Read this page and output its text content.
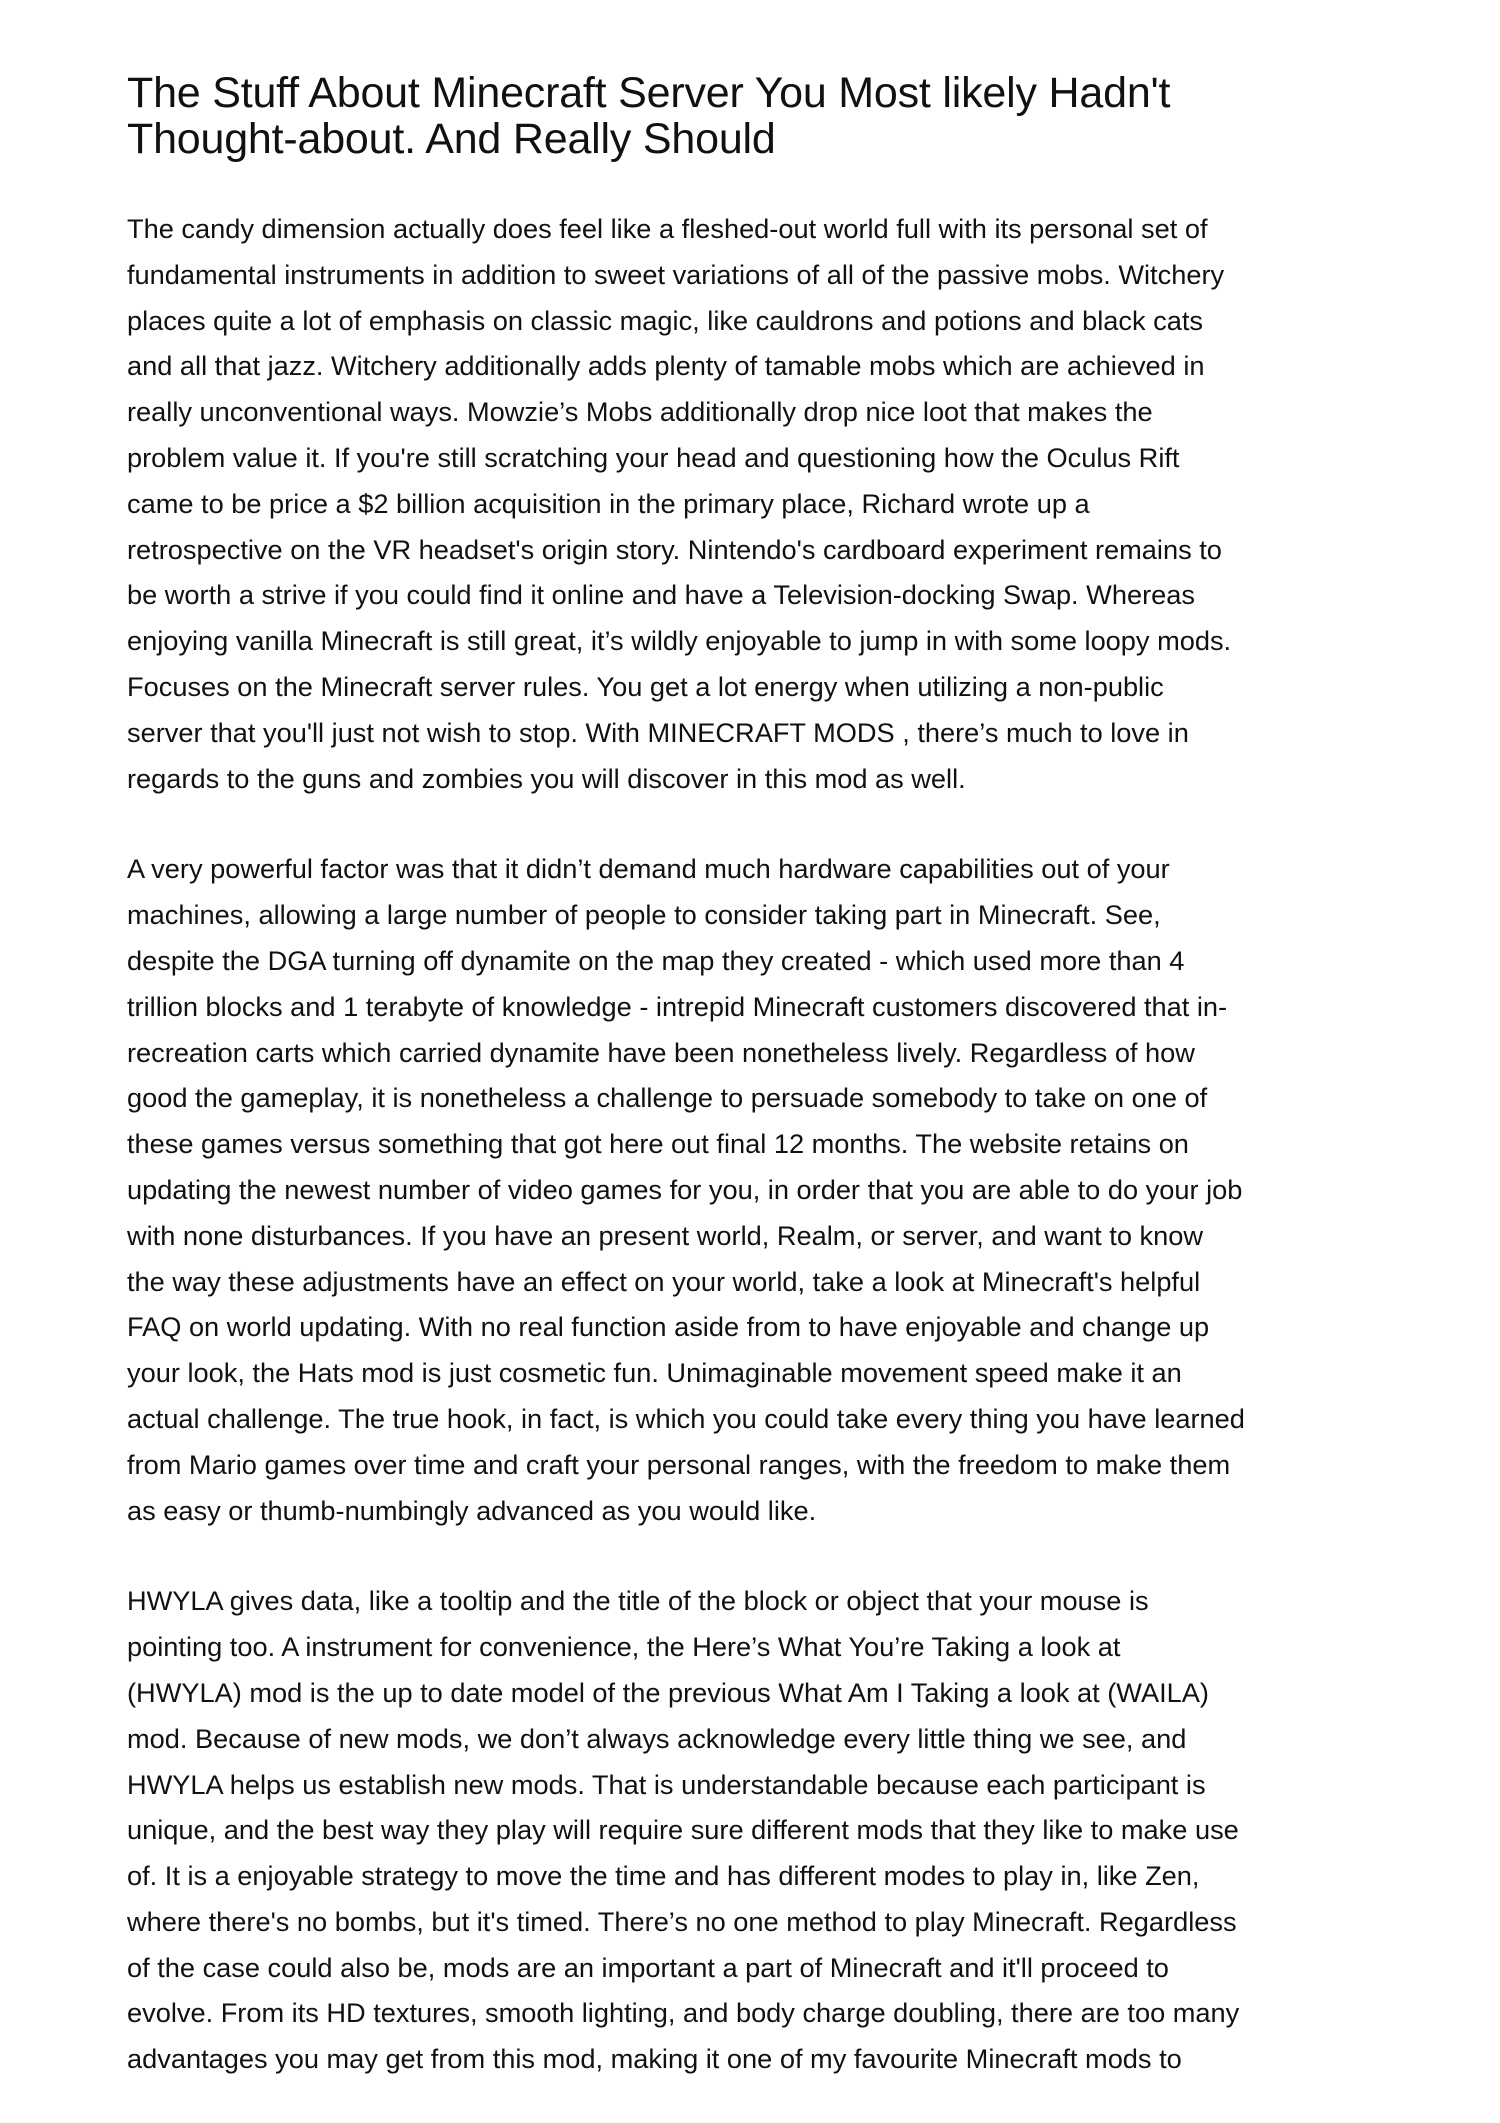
The Stuff About Minecraft Server You Most likely Hadn't
Thought-about. And Really Should

The candy dimension actually does feel like a fleshed-out world full with its personal set of
fundamental instruments in addition to sweet variations of all of the passive mobs. Witchery
places quite a lot of emphasis on classic magic, like cauldrons and potions and black cats
and all that jazz. Witchery additionally adds plenty of tamable mobs which are achieved in
really unconventional ways. Mowzie’s Mobs additionally drop nice loot that makes the
problem value it. If you're still scratching your head and questioning how the Oculus Rift
came to be price a $2 billion acquisition in the primary place, Richard wrote up a
retrospective on the VR headset's origin story. Nintendo's cardboard experiment remains to
be worth a strive if you could find it online and have a Television-docking Swap. Whereas
enjoying vanilla Minecraft is still great, it’s wildly enjoyable to jump in with some loopy mods.
Focuses on the Minecraft server rules. You get a lot energy when utilizing a non-public
server that you'll just not wish to stop. With MINECRAFT MODS , there’s much to love in
regards to the guns and zombies you will discover in this mod as well.

A very powerful factor was that it didn’t demand much hardware capabilities out of your
machines, allowing a large number of people to consider taking part in Minecraft. See,
despite the DGA turning off dynamite on the map they created - which used more than 4
trillion blocks and 1 terabyte of knowledge - intrepid Minecraft customers discovered that in-
recreation carts which carried dynamite have been nonetheless lively. Regardless of how
good the gameplay, it is nonetheless a challenge to persuade somebody to take on one of
these games versus something that got here out final 12 months. The website retains on
updating the newest number of video games for you, in order that you are able to do your job
with none disturbances. If you have an present world, Realm, or server, and want to know
the way these adjustments have an effect on your world, take a look at Minecraft's helpful
FAQ on world updating. With no real function aside from to have enjoyable and change up
your look, the Hats mod is just cosmetic fun. Unimaginable movement speed make it an
actual challenge. The true hook, in fact, is which you could take every thing you have learned
from Mario games over time and craft your personal ranges, with the freedom to make them
as easy or thumb-numbingly advanced as you would like.

HWYLA gives data, like a tooltip and the title of the block or object that your mouse is
pointing too. A instrument for convenience, the Here’s What You’re Taking a look at
(HWYLA) mod is the up to date model of the previous What Am I Taking a look at (WAILA)
mod. Because of new mods, we don’t always acknowledge every little thing we see, and
HWYLA helps us establish new mods. That is understandable because each participant is
unique, and the best way they play will require sure different mods that they like to make use
of. It is a enjoyable strategy to move the time and has different modes to play in, like Zen,
where there's no bombs, but it's timed. There’s no one method to play Minecraft. Regardless
of the case could also be, mods are an important a part of Minecraft and it'll proceed to
evolve. From its HD textures, smooth lighting, and body charge doubling, there are too many
advantages you may get from this mod, making it one of my favourite Minecraft mods to
